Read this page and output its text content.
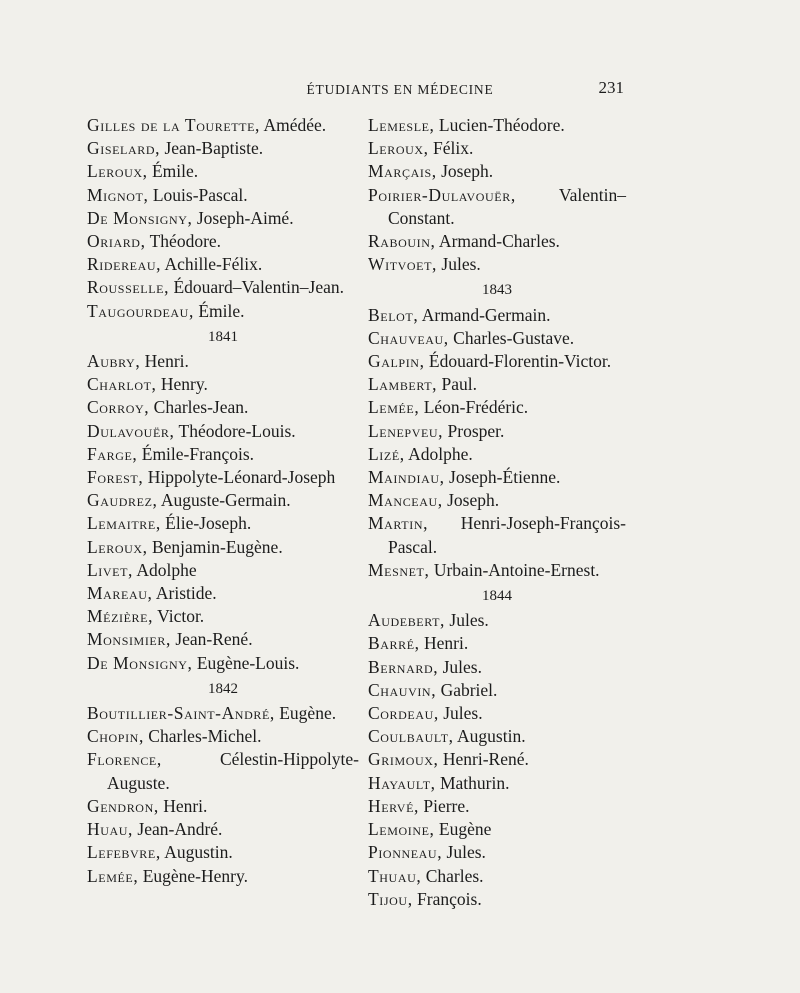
ÉTUDIANTS EN MÉDECINE	231
Gilles de la Tourette, Amédée.
Giselard, Jean-Baptiste.
Leroux, Émile.
Mignot, Louis-Pascal.
De Monsigny, Joseph-Aimé.
Oriard, Théodore.
Ridereau, Achille-Félix.
Rousselle, Édouard–Valentin–Jean.
Taugourdeau, Émile.
1841
Aubry, Henri.
Charlot, Henry.
Corroy, Charles-Jean.
Dulavouër, Théodore-Louis.
Farge, Émile-François.
Forest, Hippolyte-Léonard-Joseph
Gaudrez, Auguste-Germain.
Lemaitre, Élie-Joseph.
Leroux, Benjamin-Eugène.
Livet, Adolphe
Mareau, Aristide.
Mézière, Victor.
Monsimier, Jean-René.
De Monsigny, Eugène-Louis.
1842
Boutillier-Saint-André, Eugène.
Chopin, Charles-Michel.
Florence, Célestin-Hippolyte-Auguste.
Gendron, Henri.
Huau, Jean-André.
Lefebvre, Augustin.
Lemée, Eugène-Henry.
Lemesle, Lucien-Théodore.
Leroux, Félix.
Marçais, Joseph.
Poirier-Dulavouër, Valentin–Constant.
Rabouin, Armand-Charles.
Witvoet, Jules.
1843
Belot, Armand-Germain.
Chauveau, Charles-Gustave.
Galpin, Édouard-Florentin-Victor.
Lambert, Paul.
Lemée, Léon-Frédéric.
Lenepveu, Prosper.
Lizé, Adolphe.
Maindiau, Joseph-Étienne.
Manceau, Joseph.
Martin, Henri-Joseph-François-Pascal.
Mesnet, Urbain-Antoine-Ernest.
1844
Audebert, Jules.
Barré, Henri.
Bernard, Jules.
Chauvin, Gabriel.
Cordeau, Jules.
Coulbault, Augustin.
Grimoux, Henri-René.
Hayault, Mathurin.
Hervé, Pierre.
Lemoine, Eugène
Pionneau, Jules.
Thuau, Charles.
Tijou, François.
